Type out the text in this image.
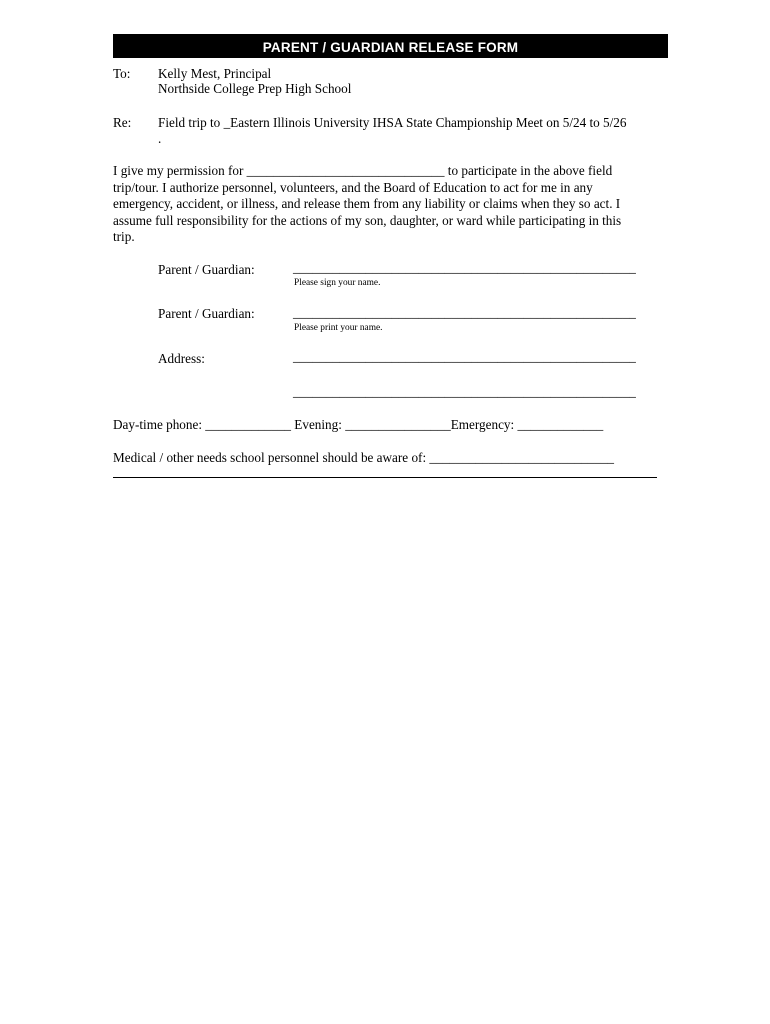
PARENT / GUARDIAN RELEASE FORM
To: Kelly Mest, Principal
Northside College Prep High School
Re: Field trip to _Eastern Illinois University IHSA State Championship Meet on 5/24 to 5/26
.
I give my permission for ______________________________ to participate in the above field
trip/tour. I authorize personnel, volunteers, and the Board of Education to act for me in any
emergency, accident, or illness, and release them from any liability or claims when they so act. I
assume full responsibility for the actions of my son, daughter, or ward while participating in this
trip.
Parent / Guardian:	____________________________________________________
Please sign your name.
Parent / Guardian:	____________________________________________________
Please print your name.
Address:	____________________________________________________
____________________________________________________
Day-time phone: _____________ Evening: ________________Emergency: _____________
Medical / other needs school personnel should be aware of: ____________________________
